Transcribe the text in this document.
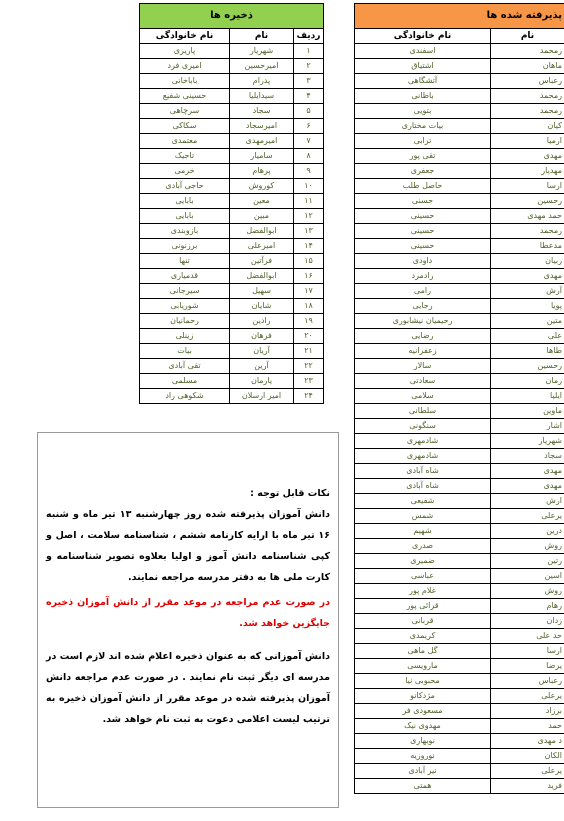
ذخیره ها		
ردیف	نام	نام خانوادگی
۱	شهریار	پاریزی
۲	امیرحسین	امیری فرد
۳	پدرام	باباخانی
۴	سیدایلیا	حسینی شفیع
۵	سجاد	سرچاهی
۶	امیرسجاد	سکاکی
۷	امیرمهدی	معتمدی
۸	سامیار	تاجیک
۹	پرهام	خرمی
۱۰	کوروش	حاجی آبادی
۱۱	معین	بابایی
۱۲	مبین	بابایی
۱۳	ابوالفضل	بازوبندی
۱۴	امیرعلی	برزنونی
۱۵	فرآتین	تنها
۱۶	ابوالفضل	قدمیاری
۱۷	سهیل	سیرجانی
۱۸	شایان	شوریابی
۱۹	رادین	رحمانیان
۲۰	فرهان	زینلی
۲۱	آریان	بیات
۲۲	آرین	تقی آبادی
۲۳	یارمان	مسلمی
۲۴	امیر ارسلان	شکوهی راد
پذیرفته شده ها	
نام	نام خانوادگی
رمحمد	اسفندی
ماهان	اشتیاق
رعباس	آتشگاهی
رمحمد	باطانی
رمحمد	بتویی
کیان	بیات مختاری
ارمیا	ترابی
مهدی	تقی پور
مهدیار	جعفری
ارسا	حاصل طلب
رحسین	حسنی
حمد مهدی	حسینی
رمحمد	حسینی
مدعطا	حسینی
ربیان	داودی
مهدی	رادمرد
آرش	رامی
پویا	رجایی
متین	رحیمیان نیشابوری
علی	رضایی
طاها	زعفرانیه
رحسین	سالار
رمان	سعادتی
ایلیا	سلامی
ماوین	سلطانی
اشار	سنگونی
شهریار	شادمهری
سجاد	شادمهری
مهدی	شاه آبادی
مهدی	شاه آبادی
ارش	شفیعی
یرعلی	شمس
درین	شهیم
روش	صدری
رتین	ضمیری
اسین	عباسی
روش	غلام پور
رهام	قرائی پور
زدان	قربانی
حد علی	کریمدی
ارسا	گل ماهی
یرضا	مارویسی
رعباس	محبوبی نیا
یرعلی	مژدکانو
برزاد	مسعودی فر
حمد	مهدوی نیک
د مهدی	نوبهاری
الکان	نوروزیه
یرعلی	نیر آبادی
فرید	همتی

نکات قابل توجه :

دانش آموزان پذیرفته شده روز چهارشنبه ۱۳ تیر ماه و شنبه ۱۶ تیر ماه با ارایه کارنامه ششم ، شناسنامه سلامت ، اصل و کپی شناسنامه دانش آموز و اولیا بعلاوه تصویر شناسنامه و کارت ملی ها به دفتر مدرسه مراجعه نمایند.

در صورت عدم مراجعه در موعد مقرر از دانش آموزان ذخیره جایگزین خواهد شد.

دانش آموزانی که به عنوان ذخیره اعلام شده اند لازم است در مدرسه ای دیگر ثبت نام نمایند . در صورت عدم مراجعه دانش آموزان پذیرفته شده در موعد مقرر از دانش آموزان ذخیره به ترتیب لیست اعلامی دعوت به ثبت نام خواهد شد.
